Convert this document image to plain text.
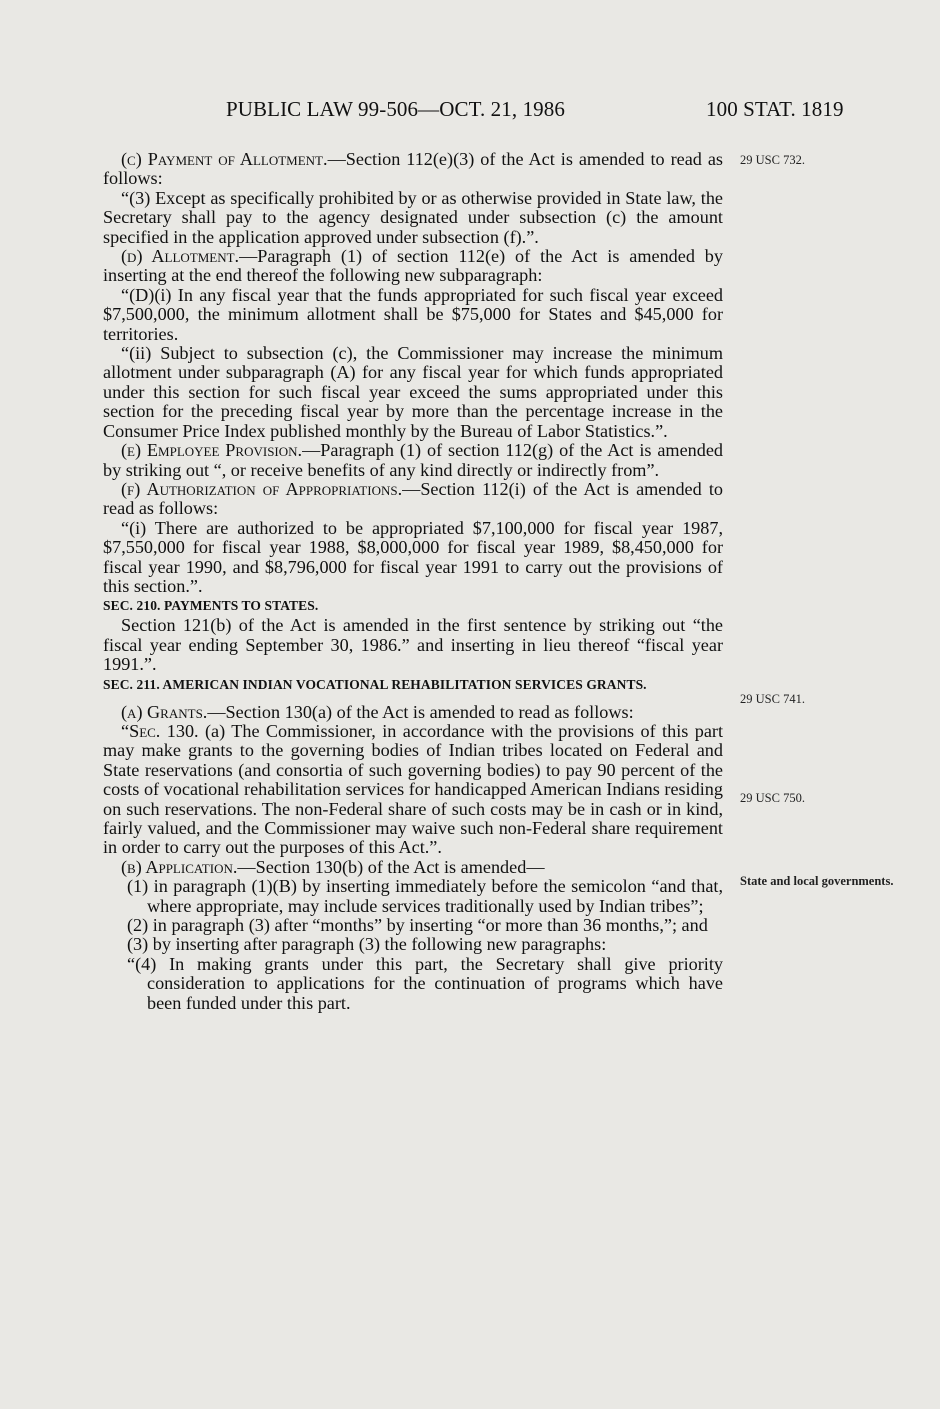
PUBLIC LAW 99-506—OCT. 21, 1986	100 STAT. 1819
29 USC 732.
29 USC 741.
29 USC 750.
State and local governments.

(c) Payment of Allotment.—Section 112(e)(3) of the Act is amended to read as follows:

“(3) Except as specifically prohibited by or as otherwise provided in State law, the Secretary shall pay to the agency designated under subsection (c) the amount specified in the application approved under subsection (f).”.

(d) Allotment.—Paragraph (1) of section 112(e) of the Act is amended by inserting at the end thereof the following new subparagraph:

“(D)(i) In any fiscal year that the funds appropriated for such fiscal year exceed $7,500,000, the minimum allotment shall be $75,000 for States and $45,000 for territories.

“(ii) Subject to subsection (c), the Commissioner may increase the minimum allotment under subparagraph (A) for any fiscal year for which funds appropriated under this section for such fiscal year exceed the sums appropriated under this section for the preceding fiscal year by more than the percentage increase in the Consumer Price Index published monthly by the Bureau of Labor Statistics.”.

(e) Employee Provision.—Paragraph (1) of section 112(g) of the Act is amended by striking out “, or receive benefits of any kind directly or indirectly from”.

(f) Authorization of Appropriations.—Section 112(i) of the Act is amended to read as follows:

“(i) There are authorized to be appropriated $7,100,000 for fiscal year 1987, $7,550,000 for fiscal year 1988, $8,000,000 for fiscal year 1989, $8,450,000 for fiscal year 1990, and $8,796,000 for fiscal year 1991 to carry out the provisions of this section.”.

SEC. 210. PAYMENTS TO STATES.

Section 121(b) of the Act is amended in the first sentence by striking out “the fiscal year ending September 30, 1986.” and inserting in lieu thereof “fiscal year 1991.”.

SEC. 211. AMERICAN INDIAN VOCATIONAL REHABILITATION SERVICES GRANTS.

(a) Grants.—Section 130(a) of the Act is amended to read as follows:

“Sec. 130. (a) The Commissioner, in accordance with the provisions of this part may make grants to the governing bodies of Indian tribes located on Federal and State reservations (and consortia of such governing bodies) to pay 90 percent of the costs of vocational rehabilitation services for handicapped American Indians residing on such reservations. The non-Federal share of such costs may be in cash or in kind, fairly valued, and the Commissioner may waive such non-Federal share requirement in order to carry out the purposes of this Act.”.

(b) Application.—Section 130(b) of the Act is amended—

(1) in paragraph (1)(B) by inserting immediately before the semicolon “and that, where appropriate, may include services traditionally used by Indian tribes”;

(2) in paragraph (3) after “months” by inserting “or more than 36 months,”; and

(3) by inserting after paragraph (3) the following new paragraphs:

“(4) In making grants under this part, the Secretary shall give priority consideration to applications for the continuation of programs which have been funded under this part.
